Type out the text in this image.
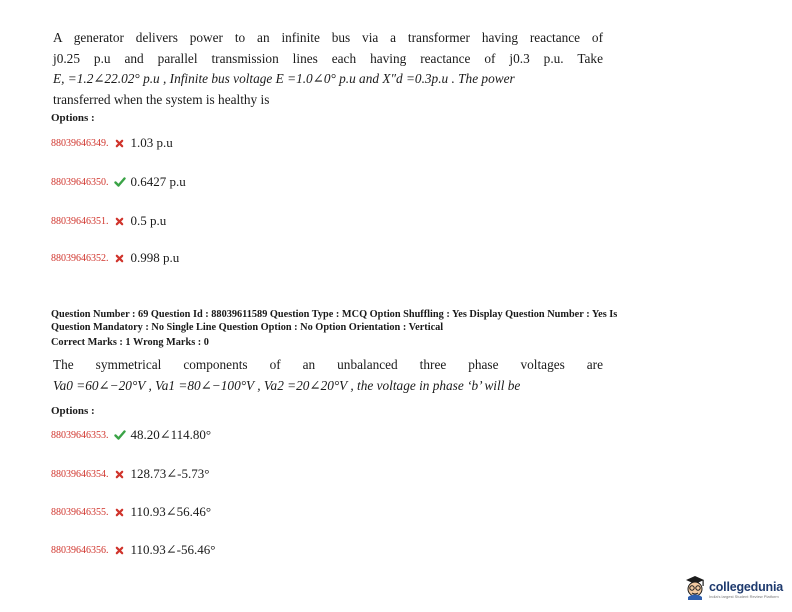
A generator delivers power to an infinite bus via a transformer having reactance of
j0.25 p.u and parallel transmission lines each having reactance of j0.3 p.u. Take
E, =1.2∠22.02° p.u , Infinite bus voltage E =1.0∠0° p.u and X″d =0.3p.u . The power
transferred when the system is healthy is
Options :
88039646349. 1.03 p.u
88039646350. 0.6427 p.u
88039646351. 0.5 p.u
88039646352. 0.998 p.u
Question Number : 69 Question Id : 88039611589 Question Type : MCQ Option Shuffling : Yes Display Question Number : Yes Is
Question Mandatory : No Single Line Question Option : No Option Orientation : Vertical
Correct Marks : 1 Wrong Marks : 0
The symmetrical components of an unbalanced three phase voltages are
Va0 =60∠−20°V , Va1 =80∠−100°V , Va2 =20∠20°V , the voltage in phase ‘b’ will be
Options :
88039646353. 48.20∠114.80°
88039646354. 128.73∠-5.73°
88039646355. 110.93∠56.46°
88039646356. 110.93∠-56.46°
collegedunia
India's largest Student Review Platform
